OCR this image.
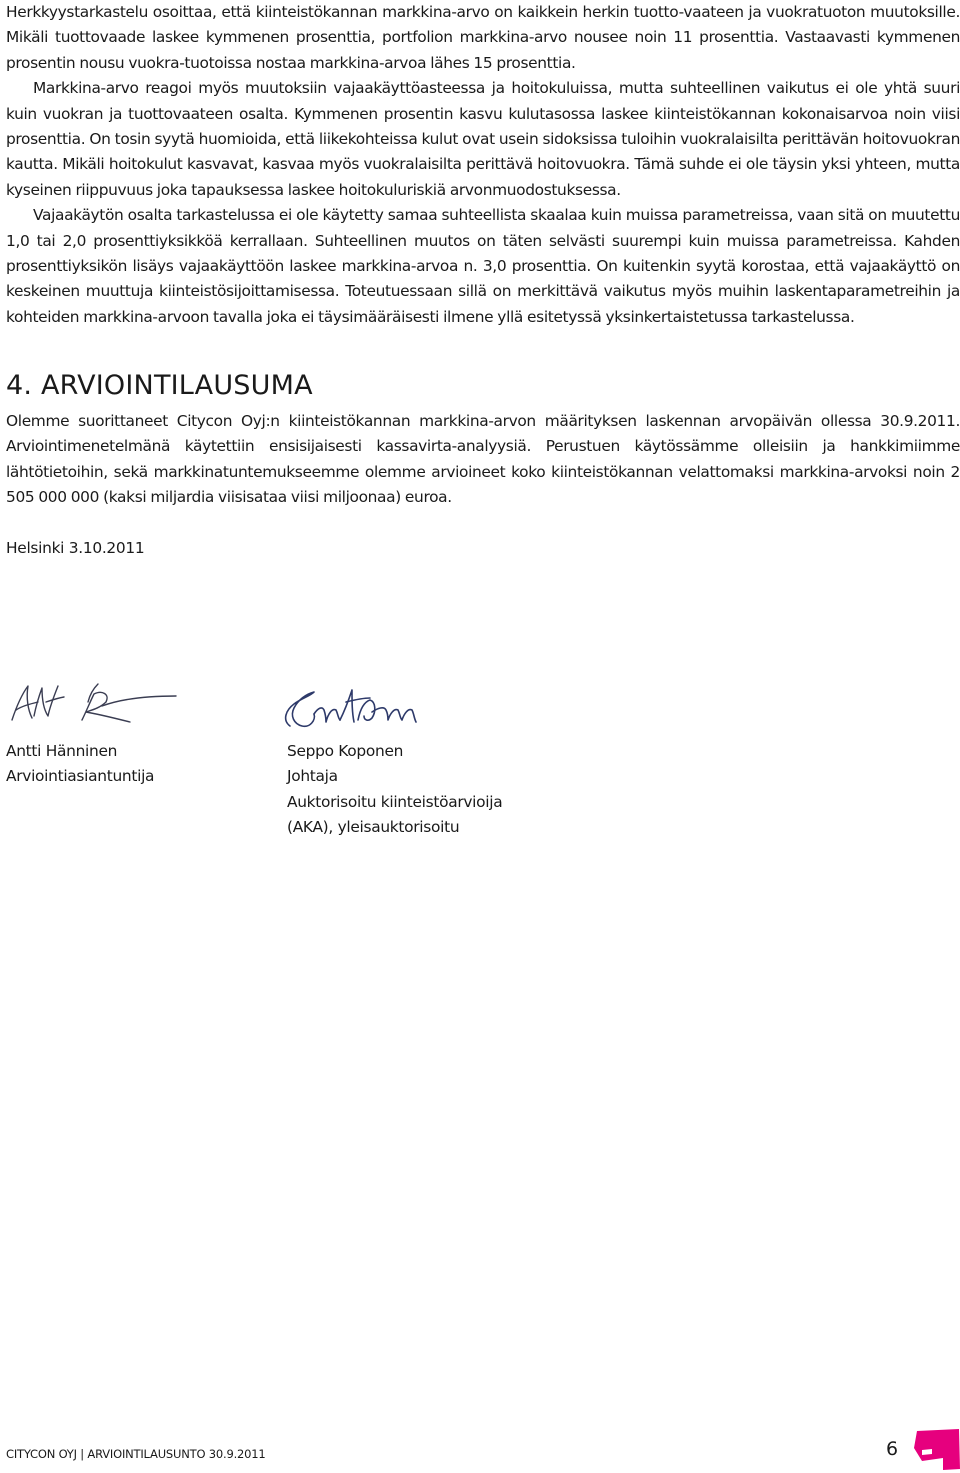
Herkkyystarkastelu osoittaa, että kiinteistökannan markkina-arvo on kaikkein herkin tuotto-vaateen ja vuokratuoton muutoksille. Mikäli tuottovaade laskee kymmenen prosenttia, portfolion markkina-arvo nousee noin 11 prosenttia. Vastaavasti kymmenen prosentin nousu vuokra-tuotoissa nostaa markkina-arvoa lähes 15 prosenttia.

Markkina-arvo reagoi myös muutoksiin vajaakäyttöasteessa ja hoitokuluissa, mutta suhteellinen vaikutus ei ole yhtä suuri kuin vuokran ja tuottovaateen osalta. Kymmenen prosentin kasvu kulutasossa laskee kiinteistökannan kokonaisarvoa noin viisi prosenttia. On tosin syytä huomioida, että liikekohteissa kulut ovat usein sidoksissa tuloihin vuokralaisilta perittävän hoitovuokran kautta. Mikäli hoitokulut kasvavat, kasvaa myös vuokralaisilta perittävä hoitovuokra. Tämä suhde ei ole täysin yksi yhteen, mutta kyseinen riippuvuus joka tapauksessa laskee hoitokuluriskiä arvonmuodostuksessa.

Vajaakäytön osalta tarkastelussa ei ole käytetty samaa suhteellista skaalaa kuin muissa parametreissa, vaan sitä on muutettu 1,0 tai 2,0 prosenttiyksikköä kerrallaan. Suhteellinen muutos on täten selvästi suurempi kuin muissa parametreissa. Kahden prosenttiyksikön lisäys vajaakäyttöön laskee markkina-arvoa n. 3,0 prosenttia. On kuitenkin syytä korostaa, että vajaakäyttö on keskeinen muuttuja kiinteistösijoittamisessa. Toteutuessaan sillä on merkittävä vaikutus myös muihin laskentaparametreihin ja kohteiden markkina-arvoon tavalla joka ei täysimääräisesti ilmene yllä esitetyssä yksinkertaistetussa tarkastelussa.

4. ARVIOINTILAUSUMA

Olemme suorittaneet Citycon Oyj:n kiinteistökannan markkina-arvon määrityksen laskennan arvopäivän ollessa 30.9.2011. Arviointimenetelmänä käytettiin ensisijaisesti kassavirta-analyysiä. Perustuen käytössämme olleisiin ja hankkimiimme lähtötietoihin, sekä markkinatuntemukseemme olemme arvioineet koko kiinteistökannan velattomaksi markkina-arvoksi noin 2 505 000 000 (kaksi miljardia viisisataa viisi miljoonaa) euroa.

Helsinki 3.10.2011

Antti Hänninen
Arviointiasiantuntija
Seppo Koponen
Johtaja
Auktorisoitu kiinteistöarvioija
(AKA), yleisauktorisoitu
CITYCON OYJ | ARVIOINTILAUSUNTO 30.9.2011	6
